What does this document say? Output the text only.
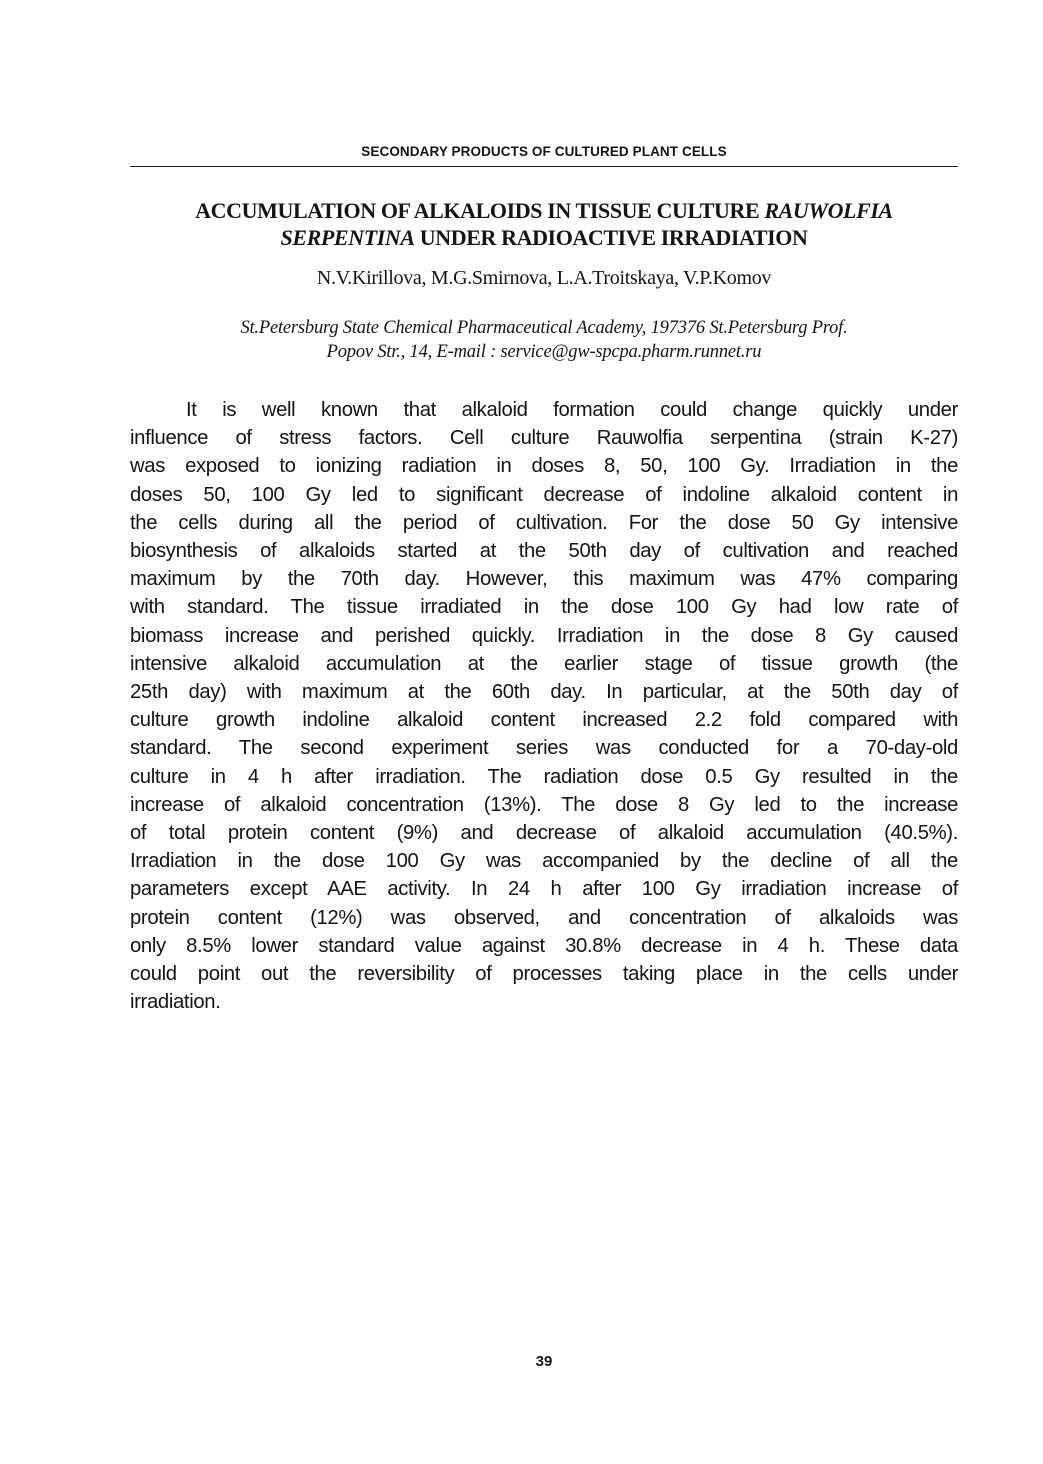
SECONDARY PRODUCTS OF CULTURED PLANT CELLS
ACCUMULATION OF ALKALOIDS IN TISSUE CULTURE RAUWOLFIA
SERPENTINA UNDER RADIOACTIVE IRRADIATION
N.V.Kirillova, M.G.Smirnova, L.A.Troitskaya, V.P.Komov
St.Petersburg State Chemical Pharmaceutical Academy, 197376 St.Petersburg Prof.
Popov Str., 14, E-mail : service@gw-spcpa.pharm.runnet.ru
It is well known that alkaloid formation could change quickly under
influence of stress factors. Cell culture Rauwolfia serpentina (strain K-27)
was exposed to ionizing radiation in doses 8, 50, 100 Gy. Irradiation in the
doses 50, 100 Gy led to significant decrease of indoline alkaloid content in
the cells during all the period of cultivation. For the dose 50 Gy intensive
biosynthesis of alkaloids started at the 50th day of cultivation and reached
maximum by the 70th day. However, this maximum was 47% comparing
with standard. The tissue irradiated in the dose 100 Gy had low rate of
biomass increase and perished quickly. Irradiation in the dose 8 Gy caused
intensive alkaloid accumulation at the earlier stage of tissue growth (the
25th day) with maximum at the 60th day. In particular, at the 50th day of
culture growth indoline alkaloid content increased 2.2 fold compared with
standard. The second experiment series was conducted for a 70-day-old
culture in 4 h after irradiation. The radiation dose 0.5 Gy resulted in the
increase of alkaloid concentration (13%). The dose 8 Gy led to the increase
of total protein content (9%) and decrease of alkaloid accumulation (40.5%).
Irradiation in the dose 100 Gy was accompanied by the decline of all the
parameters except AAE activity. In 24 h after 100 Gy irradiation increase of
protein content (12%) was observed, and concentration of alkaloids was
only 8.5% lower standard value against 30.8% decrease in 4 h. These data
could point out the reversibility of processes taking place in the cells under
irradiation.
39
